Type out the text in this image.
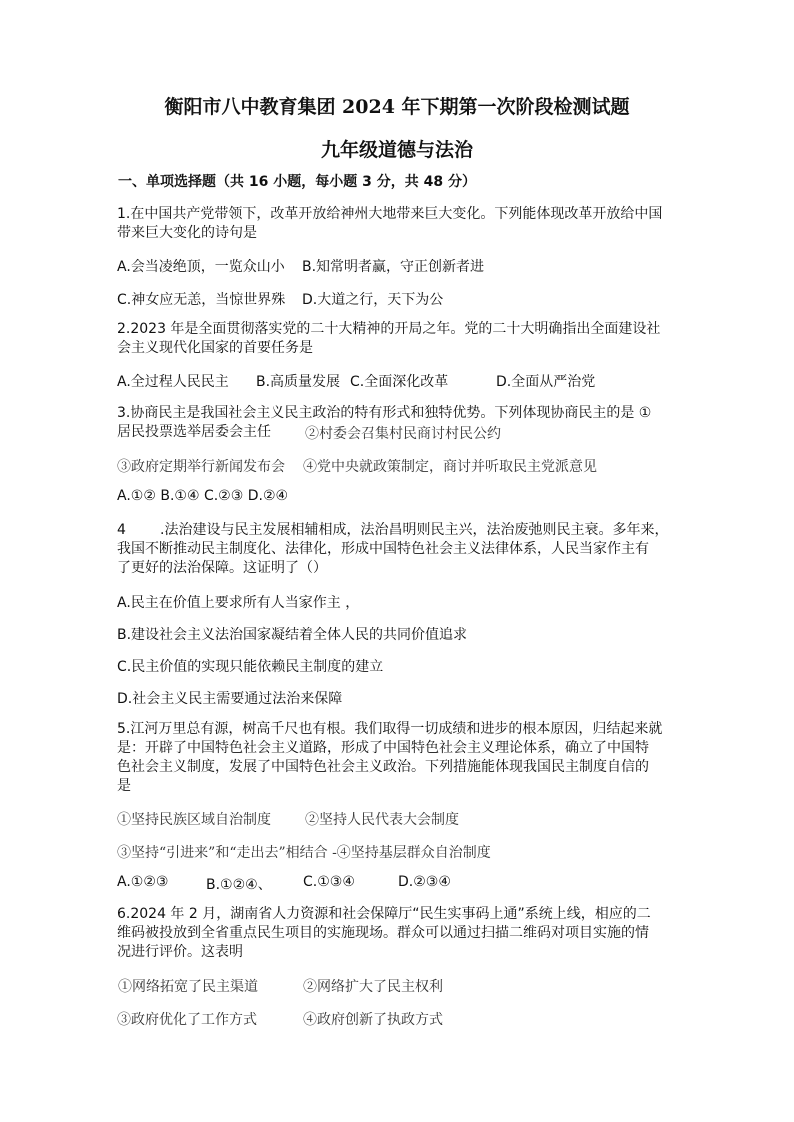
衡阳市八中教育集团 2024 年下期第一次阶段检测试题
九年级道德与法治
一、单项选择题（共 16 小题，每小题 3 分，共 48 分）
1.在中国共产党带领下，改革开放给神州大地带来巨大变化。下列能体现改革开放给中国
带来巨大变化的诗句是
A.会当凌绝顶，一览众山小 B.知常明者赢，守正创新者进
C.神女应无恙，当惊世界殊 D.大道之行，天下为公
2.2023 年是全面贯彻落实党的二十大精神的开局之年。党的二十大明确指出全面建设社
会主义现代化国家的首要任务是
A.全过程人民民主 B.高质量发展 C.全面深化改革	D.全面从严治党
3.协商民主是我国社会主义民主政治的特有形式和独特优势。下列体现协商民主的是 ①
居民投票选举居委会主任 ②村委会召集村民商讨村民公约
③政府定期举行新闻发布会 ④党中央就政策制定，商讨并听取民主党派意见
A.①② B.①④ C.②③ D.②④
4 .法治建设与民主发展相辅相成，法治昌明则民主兴，法治废弛则民主衰。多年来，
我国不断推动民主制度化、法律化，形成中国特色社会主义法律体系，人民当家作主有
了更好的法治保障。这证明了（）
A.民主在价值上要求所有人当家作主 ，
B.建设社会主义法治国家凝结着全体人民的共同价值追求
C.民主价值的实现只能依赖民主制度的建立
D.社会主义民主需要通过法治来保障
5.江河万里总有源，树高千尺也有根。我们取得一切成绩和进步的根本原因，归结起来就
是：开辟了中国特色社会主义道路，形成了中国特色社会主义理论体系，确立了中国特
色社会主义制度，发展了中国特色社会主义政治。下列措施能体现我国民主制度自信的
是
①坚持民族区域自治制度 ②坚持人民代表大会制度
③坚持“引进来”和“走出去”相结合 -④坚持基层群众自治制度
A.①②③	B.①②④、 C.①③④	D.②③④
6.2024 年 2 月，湖南省人力资源和社会保障厅“民生实事码上通”系统上线，相应的二
维码被投放到全省重点民生项目的实施现场。群众可以通过扫描二维码对项目实施的情
况进行评价。这表明
①网络拓宽了民主渠道	②网络扩大了民主权利
③政府优化了工作方式	④政府创新了执政方式
